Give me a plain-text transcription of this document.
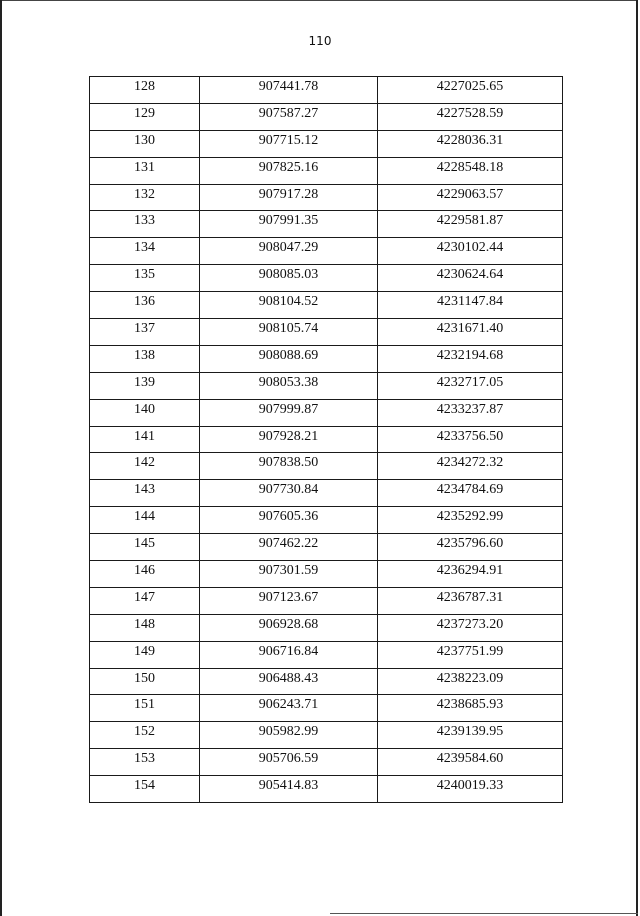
110
128	907441.78	4227025.65
129	907587.27	4227528.59
130	907715.12	4228036.31
131	907825.16	4228548.18
132	907917.28	4229063.57
133	907991.35	4229581.87
134	908047.29	4230102.44
135	908085.03	4230624.64
136	908104.52	4231147.84
137	908105.74	4231671.40
138	908088.69	4232194.68
139	908053.38	4232717.05
140	907999.87	4233237.87
141	907928.21	4233756.50
142	907838.50	4234272.32
143	907730.84	4234784.69
144	907605.36	4235292.99
145	907462.22	4235796.60
146	907301.59	4236294.91
147	907123.67	4236787.31
148	906928.68	4237273.20
149	906716.84	4237751.99
150	906488.43	4238223.09
151	906243.71	4238685.93
152	905982.99	4239139.95
153	905706.59	4239584.60
154	905414.83	4240019.33
